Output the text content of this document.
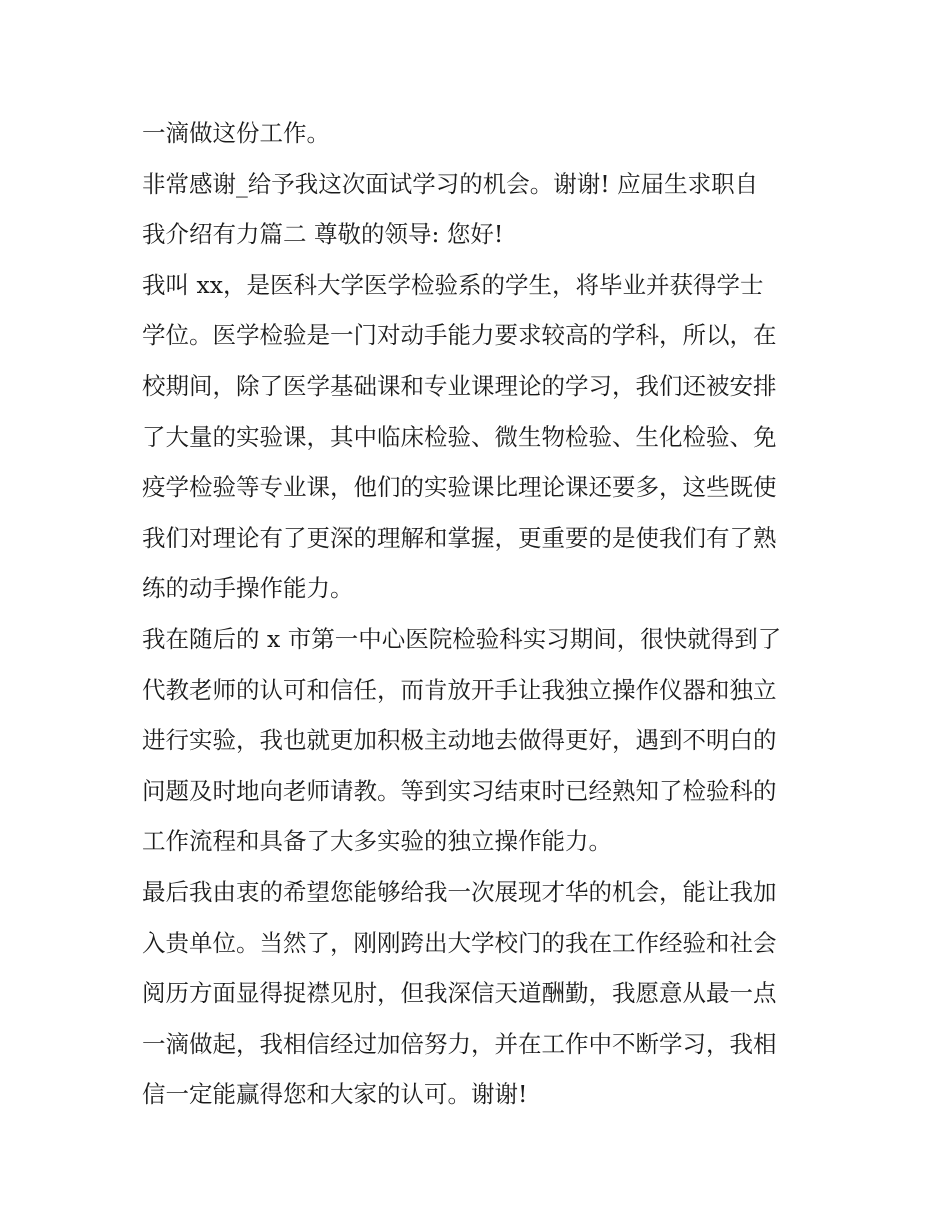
一滴做这份工作。
非常感谢_给予我这次面试学习的机会。谢谢! 应届生求职自
我介绍有力篇二 尊敬的领导: 您好!
我叫 xx，是医科大学医学检验系的学生，将毕业并获得学士
学位。医学检验是一门对动手能力要求较高的学科，所以，在
校期间，除了医学基础课和专业课理论的学习，我们还被安排
了大量的实验课，其中临床检验、微生物检验、生化检验、免
疫学检验等专业课，他们的实验课比理论课还要多，这些既使
我们对理论有了更深的理解和掌握，更重要的是使我们有了熟
练的动手操作能力。
我在随后的 x 市第一中心医院检验科实习期间，很快就得到了
代教老师的认可和信任，而肯放开手让我独立操作仪器和独立
进行实验，我也就更加积极主动地去做得更好，遇到不明白的
问题及时地向老师请教。等到实习结束时已经熟知了检验科的
工作流程和具备了大多实验的独立操作能力。
最后我由衷的希望您能够给我一次展现才华的机会，能让我加
入贵单位。当然了，刚刚跨出大学校门的我在工作经验和社会
阅历方面显得捉襟见肘，但我深信天道酬勤，我愿意从最一点
一滴做起，我相信经过加倍努力，并在工作中不断学习，我相
信一定能赢得您和大家的认可。谢谢!
